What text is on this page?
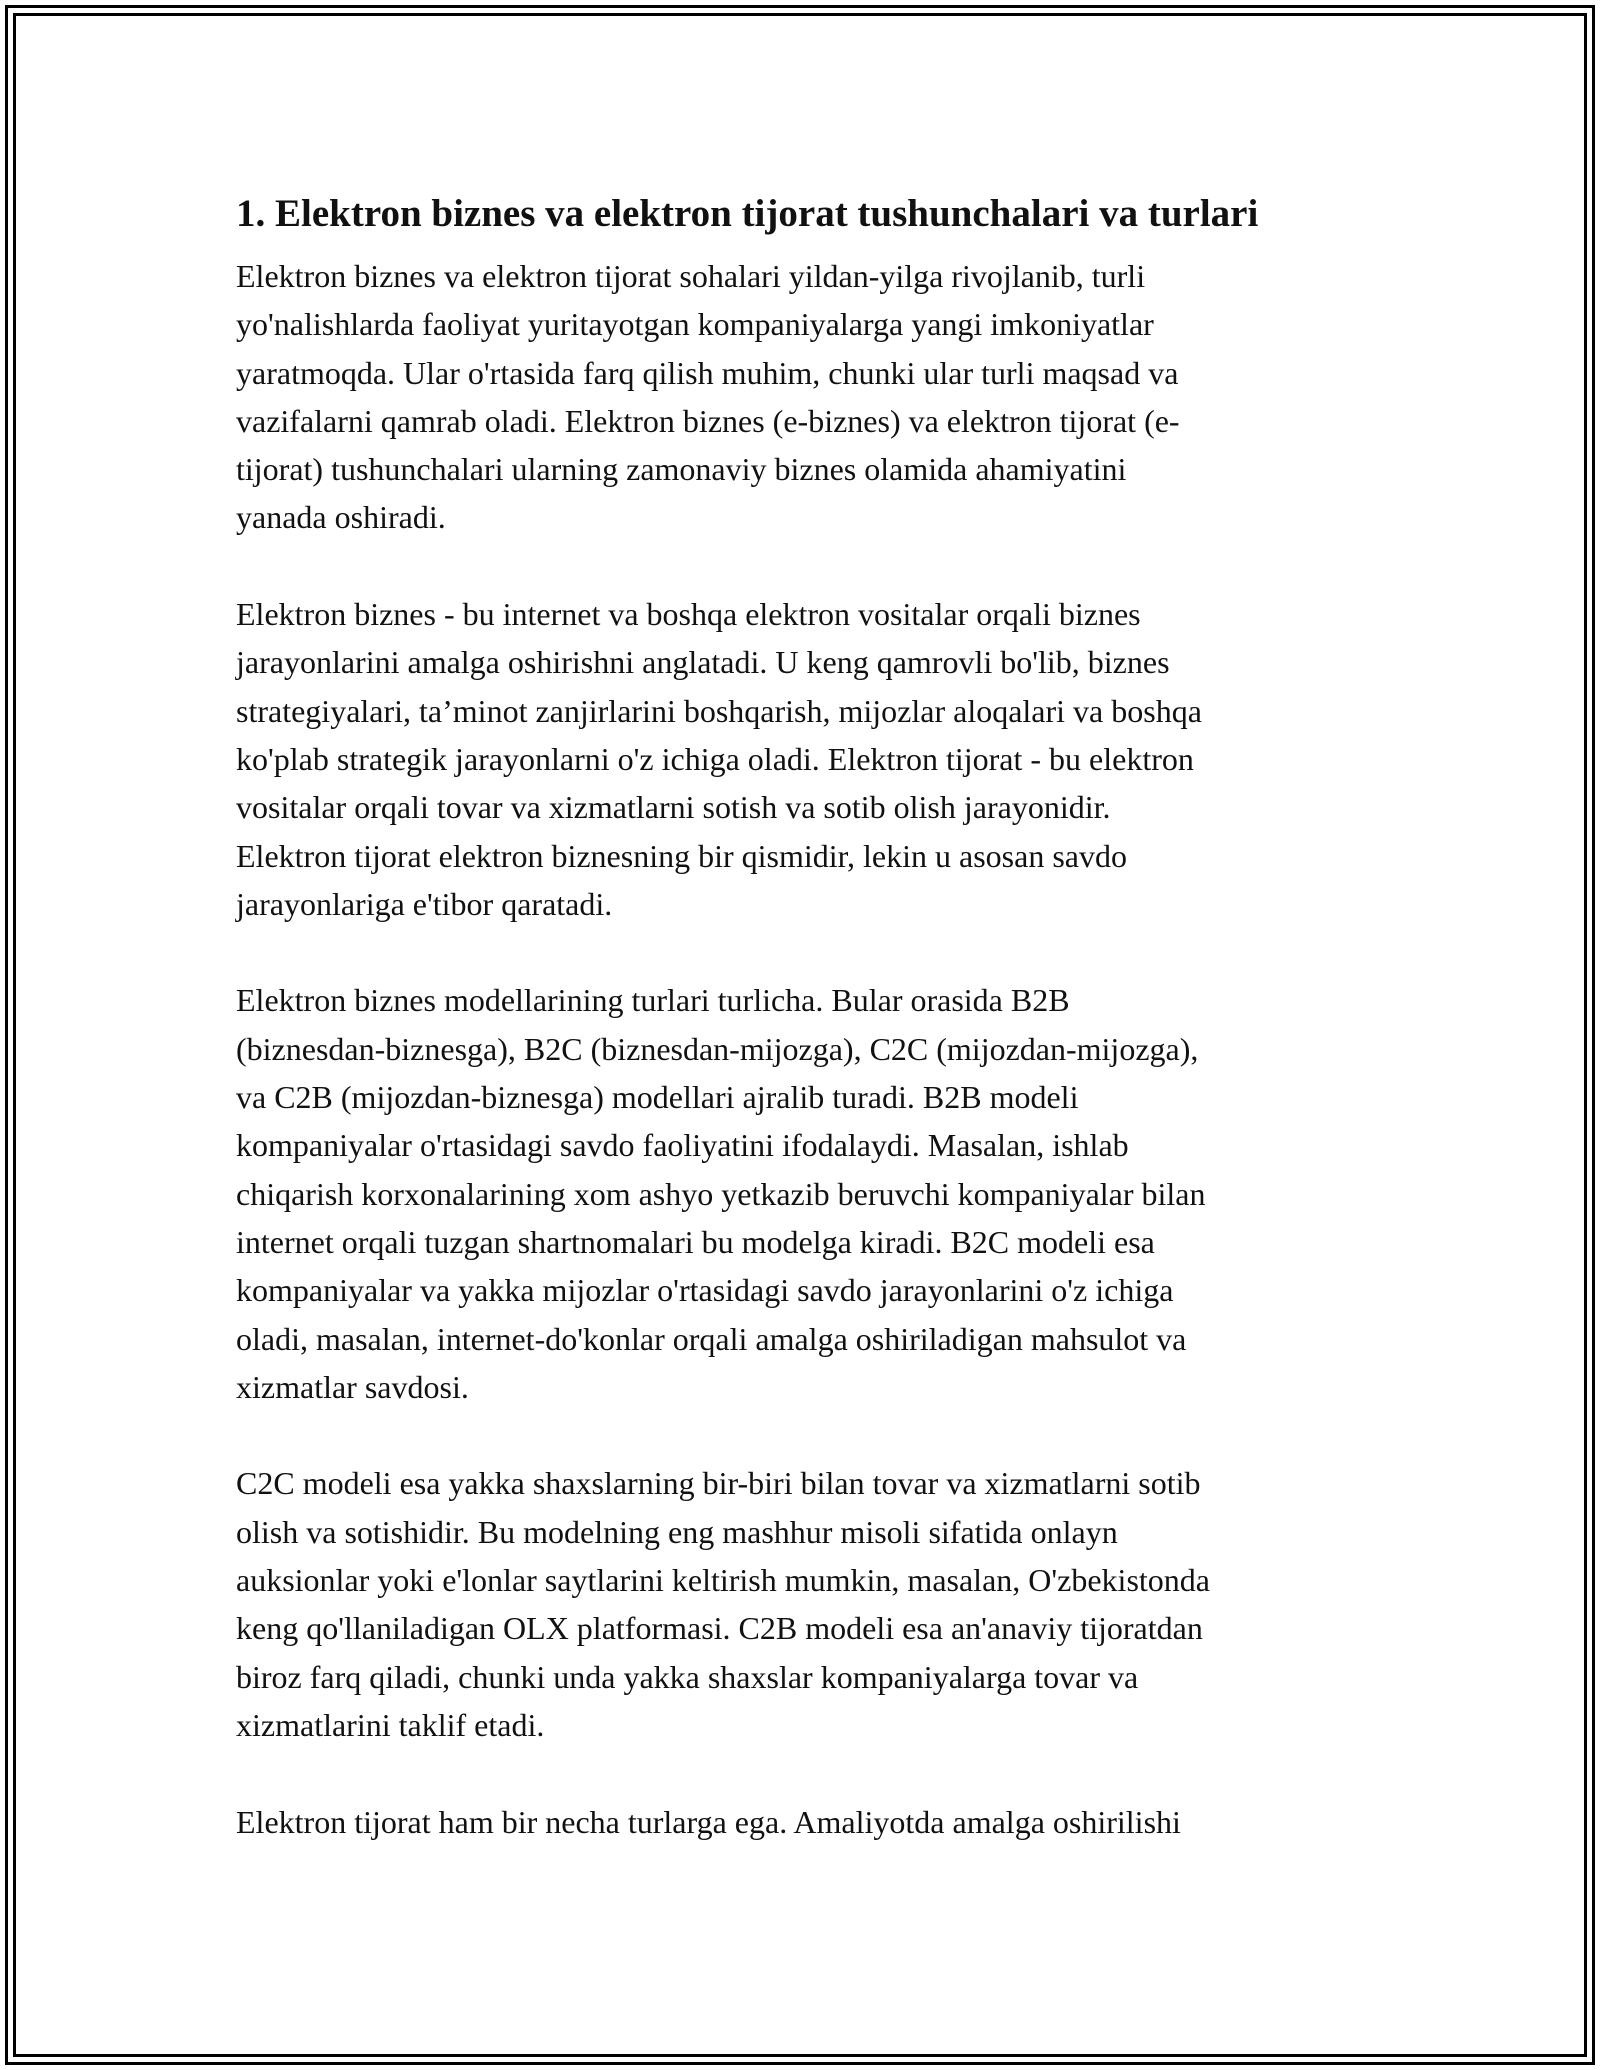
1. Elektron biznes va elektron tijorat tushunchalari va turlari

Elektron biznes va elektron tijorat sohalari yildan-yilga rivojlanib, turli
yo'nalishlarda faoliyat yuritayotgan kompaniyalarga yangi imkoniyatlar
yaratmoqda. Ular o'rtasida farq qilish muhim, chunki ular turli maqsad va
vazifalarni qamrab oladi. Elektron biznes (e-biznes) va elektron tijorat (e-
tijorat) tushunchalari ularning zamonaviy biznes olamida ahamiyatini
yanada oshiradi.

Elektron biznes - bu internet va boshqa elektron vositalar orqali biznes
jarayonlarini amalga oshirishni anglatadi. U keng qamrovli bo'lib, biznes
strategiyalari, ta’minot zanjirlarini boshqarish, mijozlar aloqalari va boshqa
ko'plab strategik jarayonlarni o'z ichiga oladi. Elektron tijorat - bu elektron
vositalar orqali tovar va xizmatlarni sotish va sotib olish jarayonidir.
Elektron tijorat elektron biznesning bir qismidir, lekin u asosan savdo
jarayonlariga e'tibor qaratadi.

Elektron biznes modellarining turlari turlicha. Bular orasida B2B
(biznesdan-biznesga), B2C (biznesdan-mijozga), C2C (mijozdan-mijozga),
va C2B (mijozdan-biznesga) modellari ajralib turadi. B2B modeli
kompaniyalar o'rtasidagi savdo faoliyatini ifodalaydi. Masalan, ishlab
chiqarish korxonalarining xom ashyo yetkazib beruvchi kompaniyalar bilan
internet orqali tuzgan shartnomalari bu modelga kiradi. B2C modeli esa
kompaniyalar va yakka mijozlar o'rtasidagi savdo jarayonlarini o'z ichiga
oladi, masalan, internet-do'konlar orqali amalga oshiriladigan mahsulot va
xizmatlar savdosi.

C2C modeli esa yakka shaxslarning bir-biri bilan tovar va xizmatlarni sotib
olish va sotishidir. Bu modelning eng mashhur misoli sifatida onlayn
auksionlar yoki e'lonlar saytlarini keltirish mumkin, masalan, O'zbekistonda
keng qo'llaniladigan OLX platformasi. C2B modeli esa an'anaviy tijoratdan
biroz farq qiladi, chunki unda yakka shaxslar kompaniyalarga tovar va
xizmatlarini taklif etadi.

Elektron tijorat ham bir necha turlarga ega. Amaliyotda amalga oshirilishi
